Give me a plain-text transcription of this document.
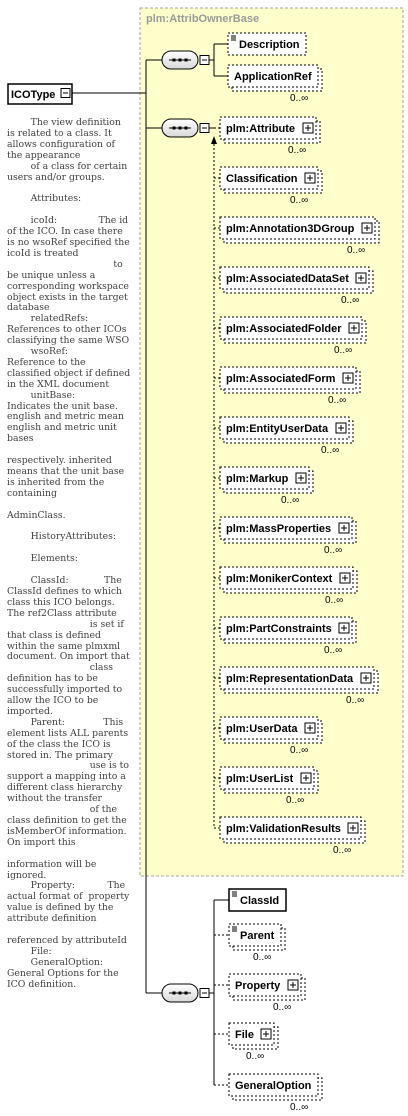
The view definition is related to a class. It allows configuration of the appearance
of a class for certain users and/or groups.

Attributes:

icoId:              The id of the ICO. In case there is no wsoRef specified the icoId is treated
to be unique unless a corresponding workspace object exists in the target database
relatedRefs:        References to other ICOs classifying the same WSO
wsoRef:             Reference to the classified object if defined in the XML document
unitBase:           Indicates the unit base. english and metric mean english and metric unit bases
respectively. inherited means that the unit base is inherited from the containing
AdminClass.

HistoryAttributes:

Elements:

ClassId:            The ClassId defines to which class this ICO belongs. The ref2Class attribute
is set if that class is defined within the same plmxml document. On import that
class definition has to be successfully imported to allow the ICO to be imported.
Parent:             This element lists ALL parents of the class the ICO is stored in. The primary
use is to support a mapping into a different class hierarchy without the transfer
of the class definition to get the isMemberOf information. On import this
information will be ignored.
Property:           The actual format of  property value is defined by the attribute definition
referenced by attributeId
File:
GeneralOption:      General Options for the ICO definition.
plm:AttribOwnerBase
ICOType
Description
ApplicationRef
0..∞
plm:Attribute
0..∞
Classification
0..∞
plm:Annotation3DGroup
0..∞
plm:AssociatedDataSet
0..∞
plm:AssociatedFolder
0..∞
plm:AssociatedForm
0..∞
plm:EntityUserData
0..∞
plm:Markup
0..∞
plm:MassProperties
0..∞
plm:MonikerContext
0..∞
plm:PartConstraints
0..∞
plm:RepresentationData
0..∞
plm:UserData
0..∞
plm:UserList
0..∞
plm:ValidationResults
0..∞
ClassId
Parent
0..∞
Property
0..∞
File
0..∞
GeneralOption
0..∞
